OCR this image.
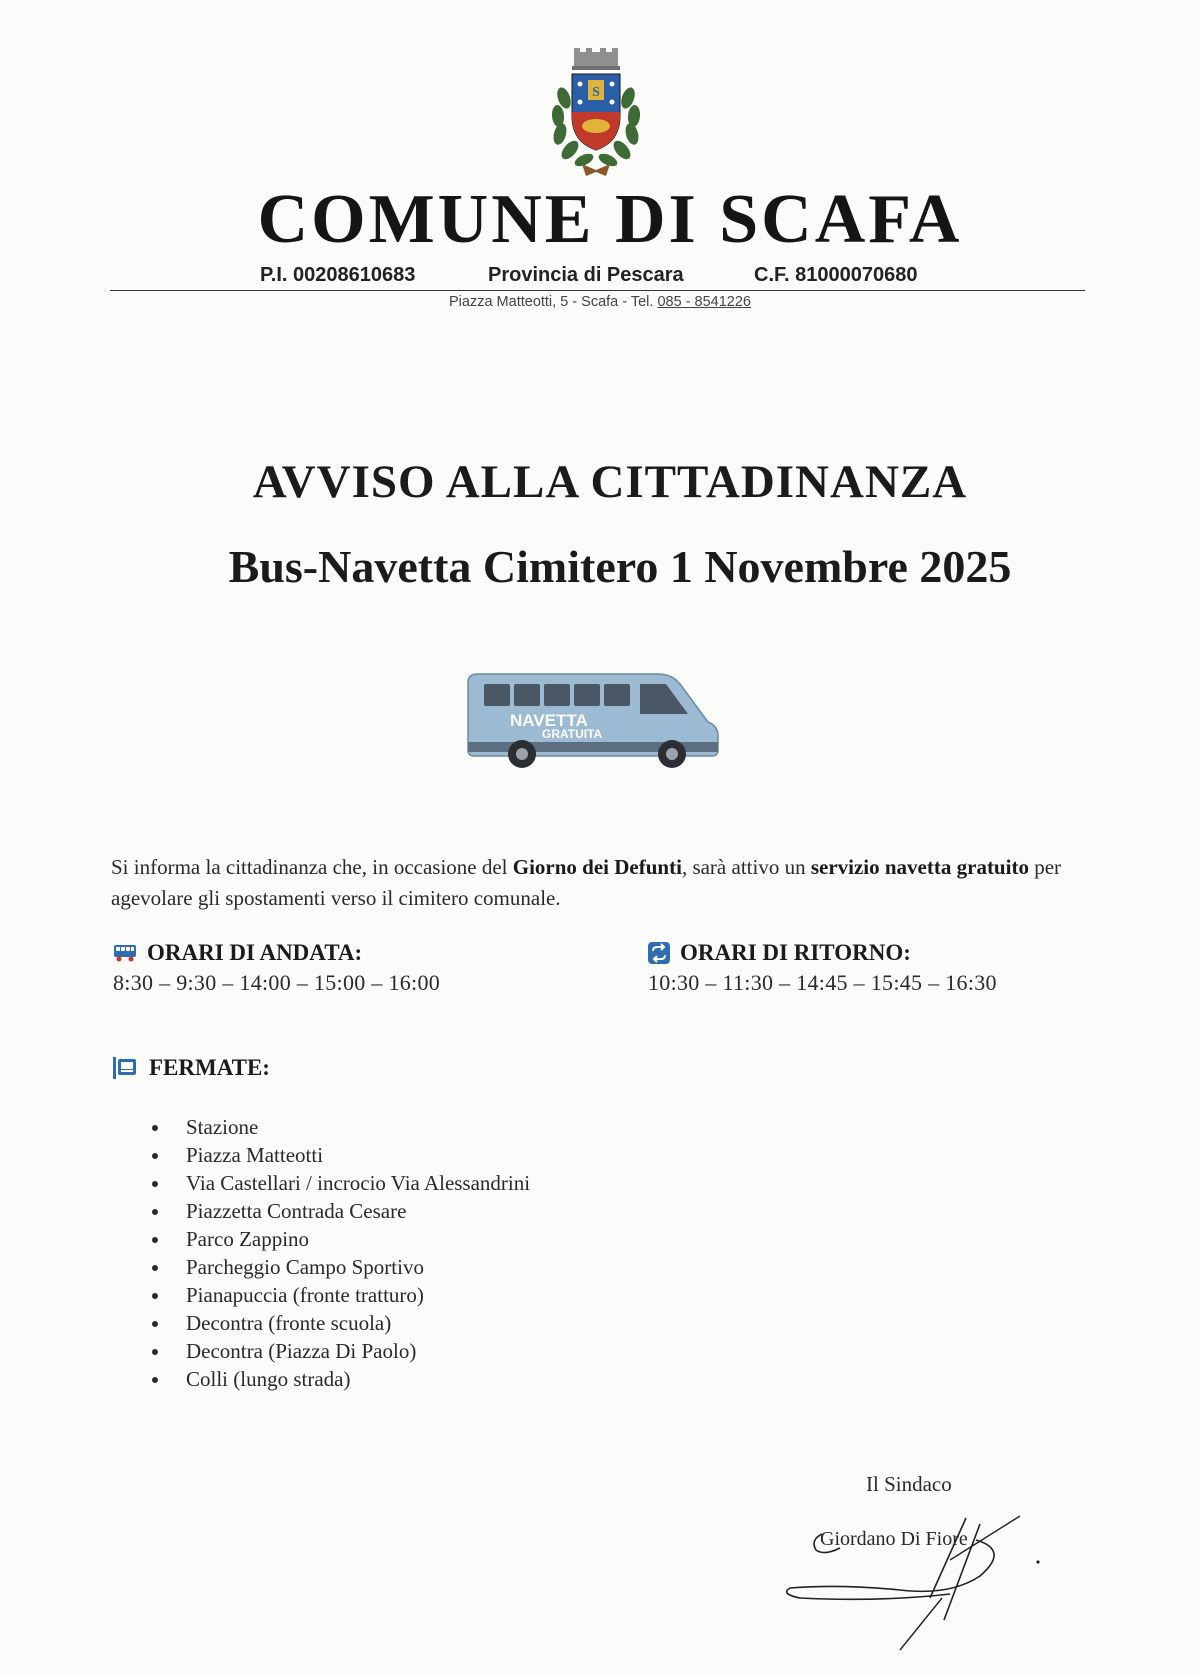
S
COMUNE DI SCAFA
P.I. 00208610683	Provincia di Pescara	C.F. 81000070680
Piazza Matteotti, 5 - Scafa - Tel. 085 - 8541226
AVVISO ALLA CITTADINANZA
Bus-Navetta Cimitero 1 Novembre 2025
NAVETTA
GRATUITA
Si informa la cittadinanza che, in occasione del Giorno dei Defunti, sarà attivo un servizio navetta gratuito per agevolare gli spostamenti verso il cimitero comunale.
ORARI DI ANDATA:
8:30 – 9:30 – 14:00 – 15:00 – 16:00
ORARI DI RITORNO:
10:30 – 11:30 – 14:45 – 15:45 – 16:30
FERMATE:
Stazione
Piazza Matteotti
Via Castellari / incrocio Via Alessandrini
Piazzetta Contrada Cesare
Parco Zappino
Parcheggio Campo Sportivo
Pianapuccia (fronte tratturo)
Decontra (fronte scuola)
Decontra (Piazza Di Paolo)
Colli (lungo strada)
Il Sindaco
Giordano Di Fiore
